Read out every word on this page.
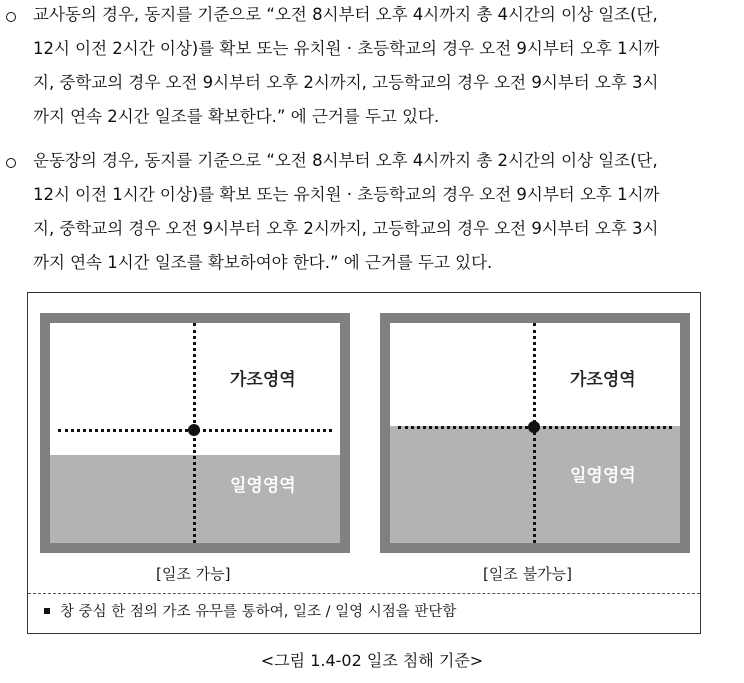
교사동의 경우, 동지를 기준으로 “오전 8시부터 오후 4시까지 총 4시간의 이상 일조(단,
12시 이전 2시간 이상)를 확보 또는 유치원 · 초등학교의 경우 오전 9시부터 오후 1시까
지, 중학교의 경우 오전 9시부터 오후 2시까지, 고등학교의 경우 오전 9시부터 오후 3시
까지 연속 2시간 일조를 확보한다.” 에 근거를 두고 있다.
운동장의 경우, 동지를 기준으로 “오전 8시부터 오후 4시까지 총 2시간의 이상 일조(단,
12시 이전 1시간 이상)를 확보 또는 유치원 · 초등학교의 경우 오전 9시부터 오후 1시까
지, 중학교의 경우 오전 9시부터 오후 2시까지, 고등학교의 경우 오전 9시부터 오후 3시
까지 연속 1시간 일조를 확보하여야 한다.” 에 근거를 두고 있다.
가조영역
일영영역
가조영역
일영영역
[일조 가능]	[일조 불가능]
창 중심 한 점의 가조 유무를 통하여, 일조 / 일영 시점을 판단함
<그림 1.4-02 일조 침해 기준>
